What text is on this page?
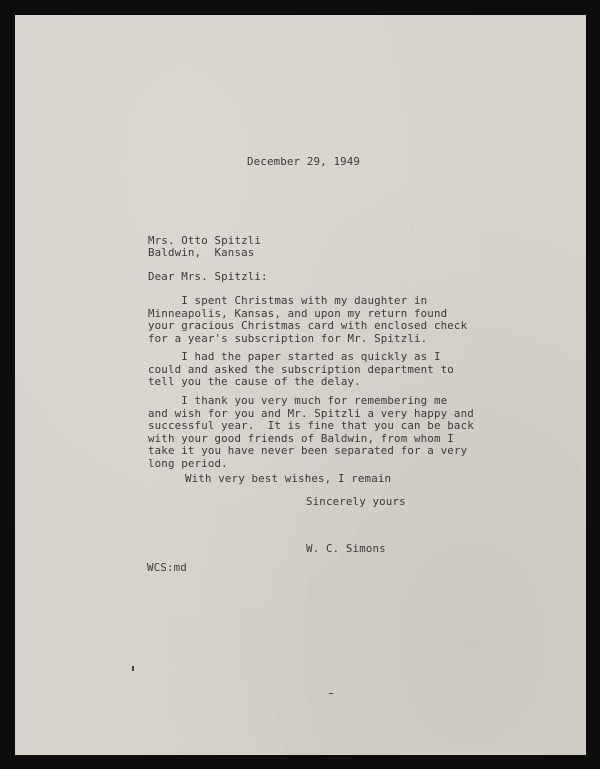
December 29, 1949
Mrs. Otto Spitzli
Baldwin,  Kansas
Dear Mrs. Spitzli:
I spent Christmas with my daughter in
Minneapolis, Kansas, and upon my return found
your gracious Christmas card with enclosed check
for a year's subscription for Mr. Spitzli.
I had the paper started as quickly as I
could and asked the subscription department to
tell you the cause of the delay.
I thank you very much for remembering me
and wish for you and Mr. Spitzli a very happy and
successful year.  It is fine that you can be back
with your good friends of Baldwin, from whom I
take it you have never been separated for a very
long period.
With very best wishes, I remain
Sincerely yours
W. C. Simons
WCS:md
